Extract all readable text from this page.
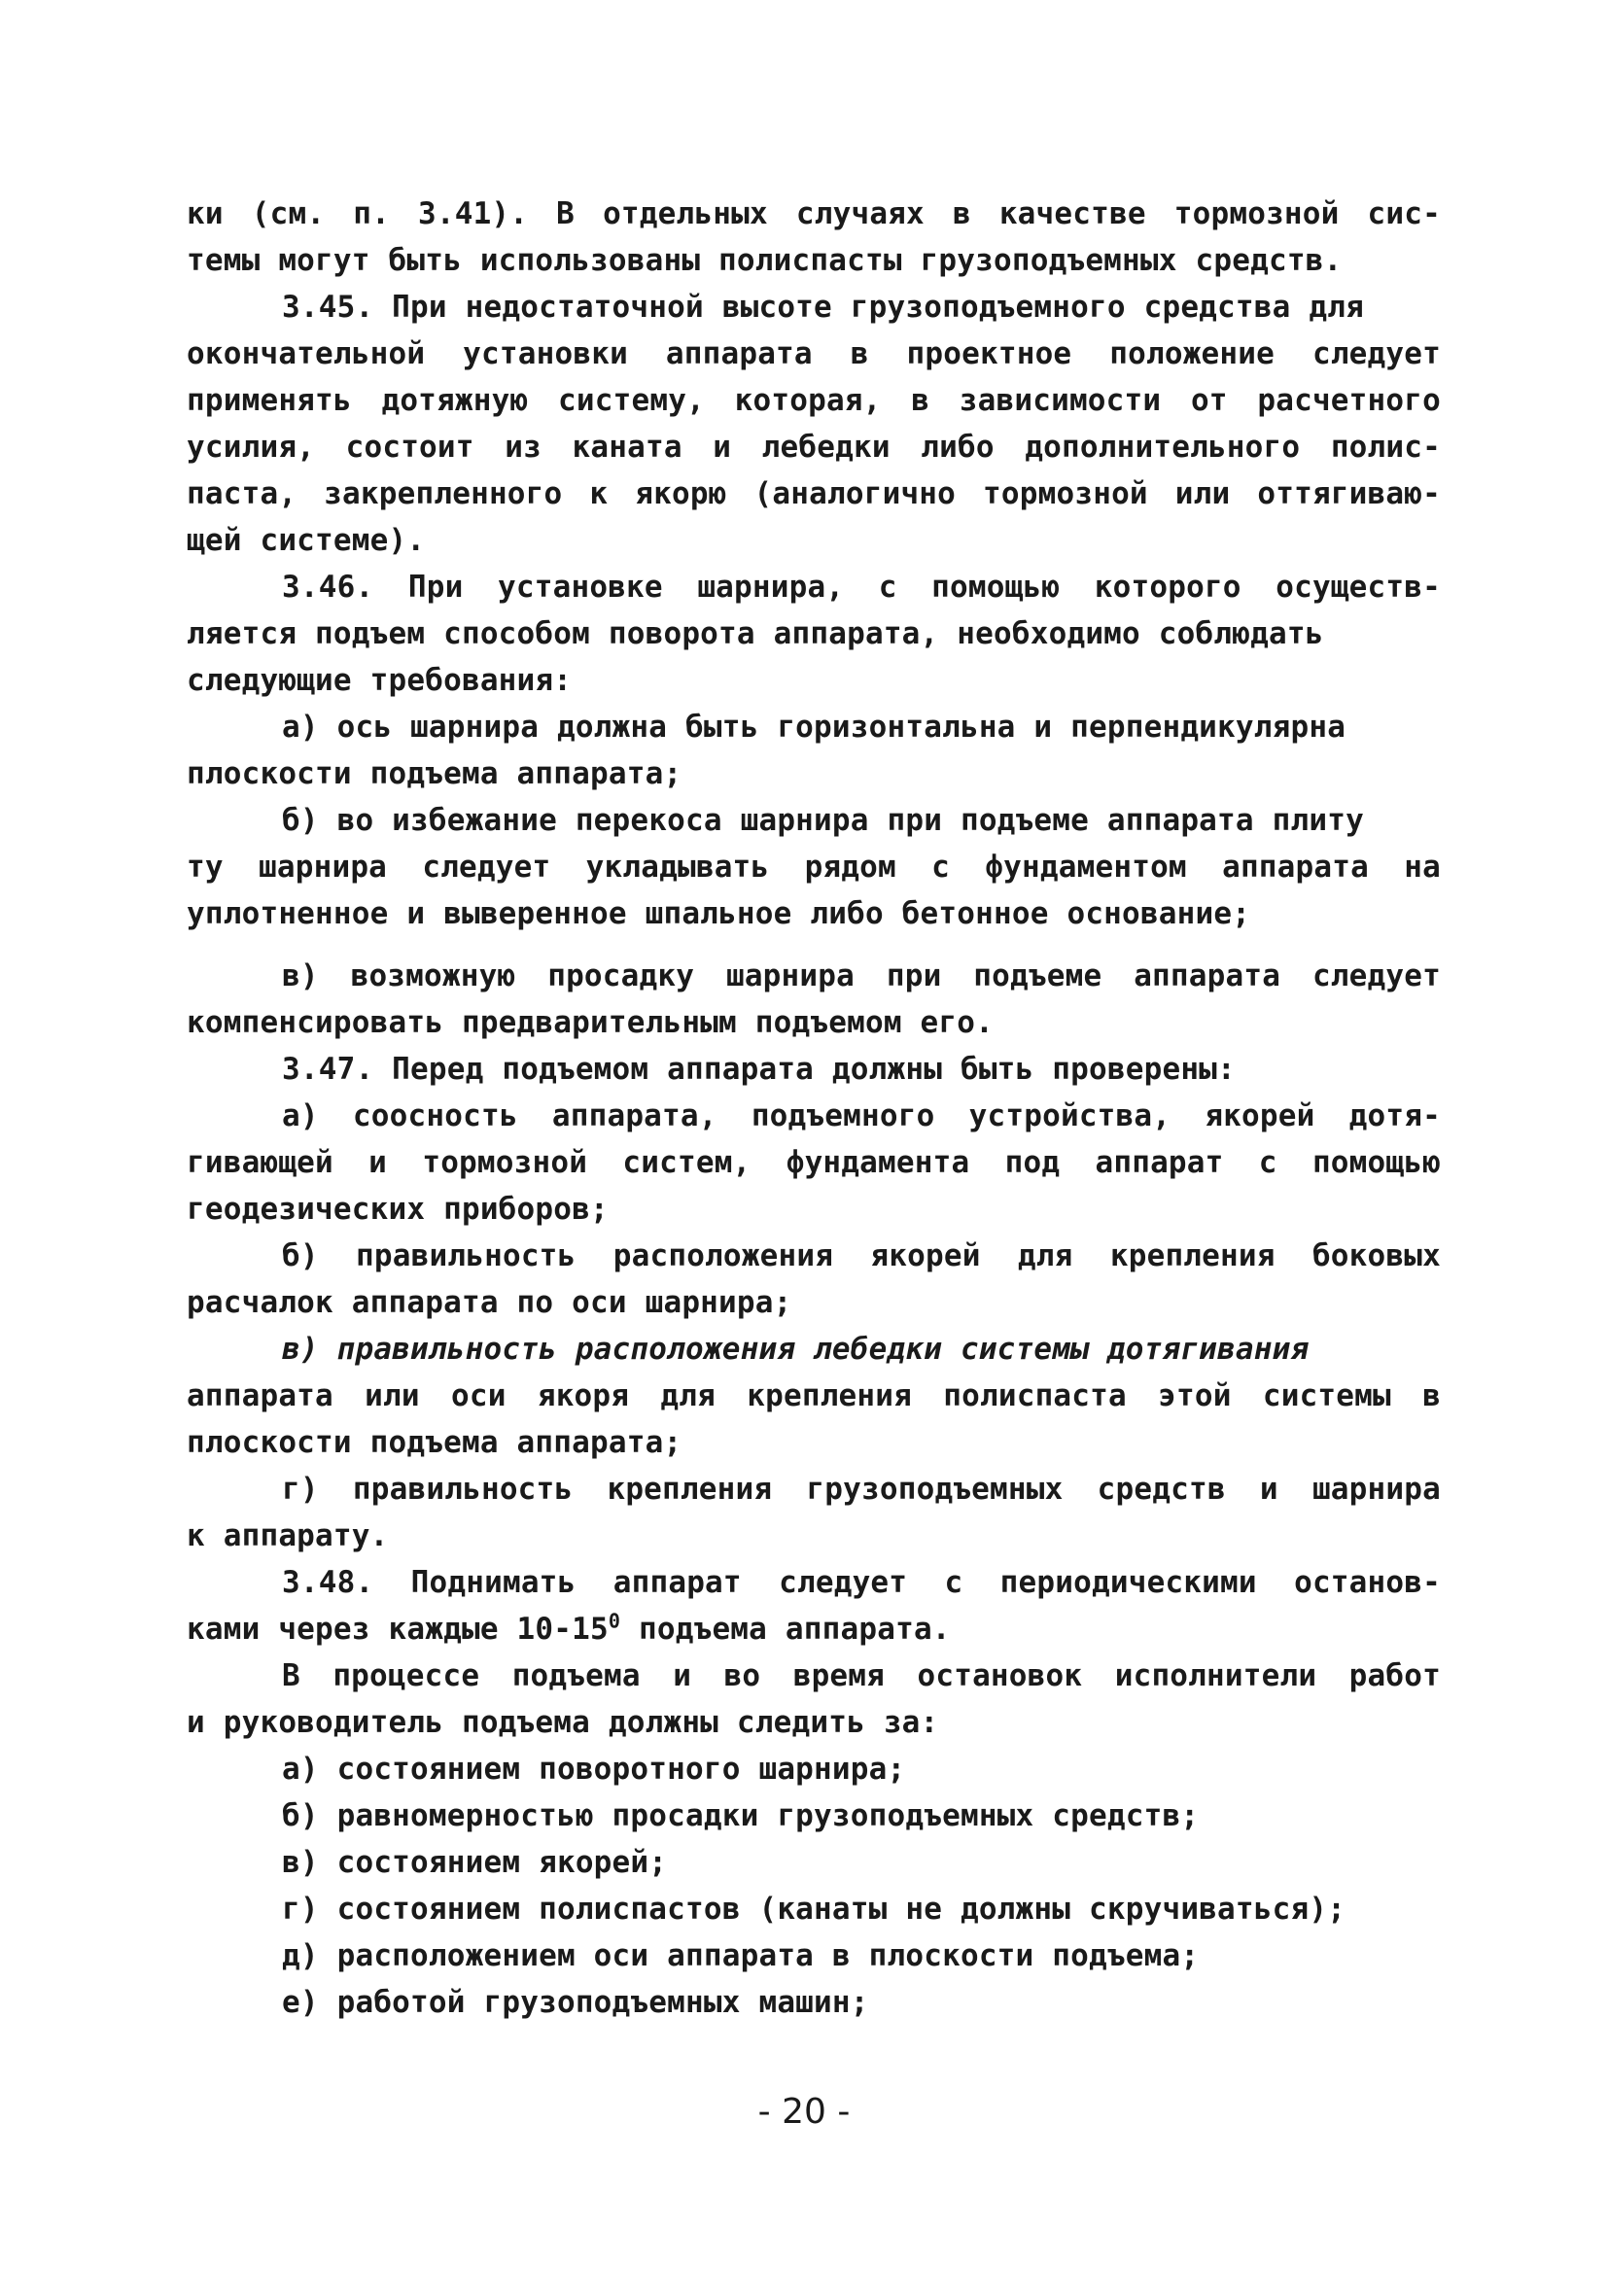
ки (см. п. 3.41). В отдельных случаях в качестве тормозной сис-
темы могут быть использованы полиспасты грузоподъемных средств.
3.45. При недостаточной высоте грузоподъемного средства для
окончательной установки аппарата в проектное положение следует
применять дотяжную систему, которая, в зависимости от расчетного
усилия, состоит из каната и лебедки либо дополнительного полис-
паста, закрепленного к якорю (аналогично тормозной или оттягиваю-
щей системе).
3.46. При установке шарнира, с помощью которого осуществ-
ляется подъем способом поворота аппарата, необходимо соблюдать
следующие требования:
а) ось шарнира должна быть горизонтальна и перпендикулярна
плоскости подъема аппарата;
б) во избежание перекоса шарнира при подъеме аппарата плиту
ту шарнира следует укладывать рядом с фундаментом аппарата на
уплотненное и выверенное шпальное либо бетонное основание;
в) возможную просадку шарнира при подъеме аппарата следует
компенсировать предварительным подъемом его.
3.47. Перед подъемом аппарата должны быть проверены:
а) соосность аппарата, подъемного устройства, якорей дотя-
гивающей и тормозной систем, фундамента под аппарат с помощью
геодезических приборов;
б) правильность расположения якорей для крепления боковых
расчалок аппарата по оси шарнира;
в) правильность расположения лебедки системы дотягивания
аппарата или оси якоря для крепления полиспаста этой системы в
плоскости подъема аппарата;
г) правильность крепления грузоподъемных средств и шарнира
к аппарату.
3.48. Поднимать аппарат следует с периодическими останов-
ками через каждые $10-15^0$ подъема аппарата.
В процессе подъема и во время остановок исполнители работ
и руководитель подъема должны следить за:
а) состоянием поворотного шарнира;
б) равномерностью просадки грузоподъемных средств;
в) состоянием якорей;
г) состоянием полиспастов (канаты не должны скручиваться);
д) расположением оси аппарата в плоскости подъема;
е) работой грузоподъемных машин;
- 20 -
